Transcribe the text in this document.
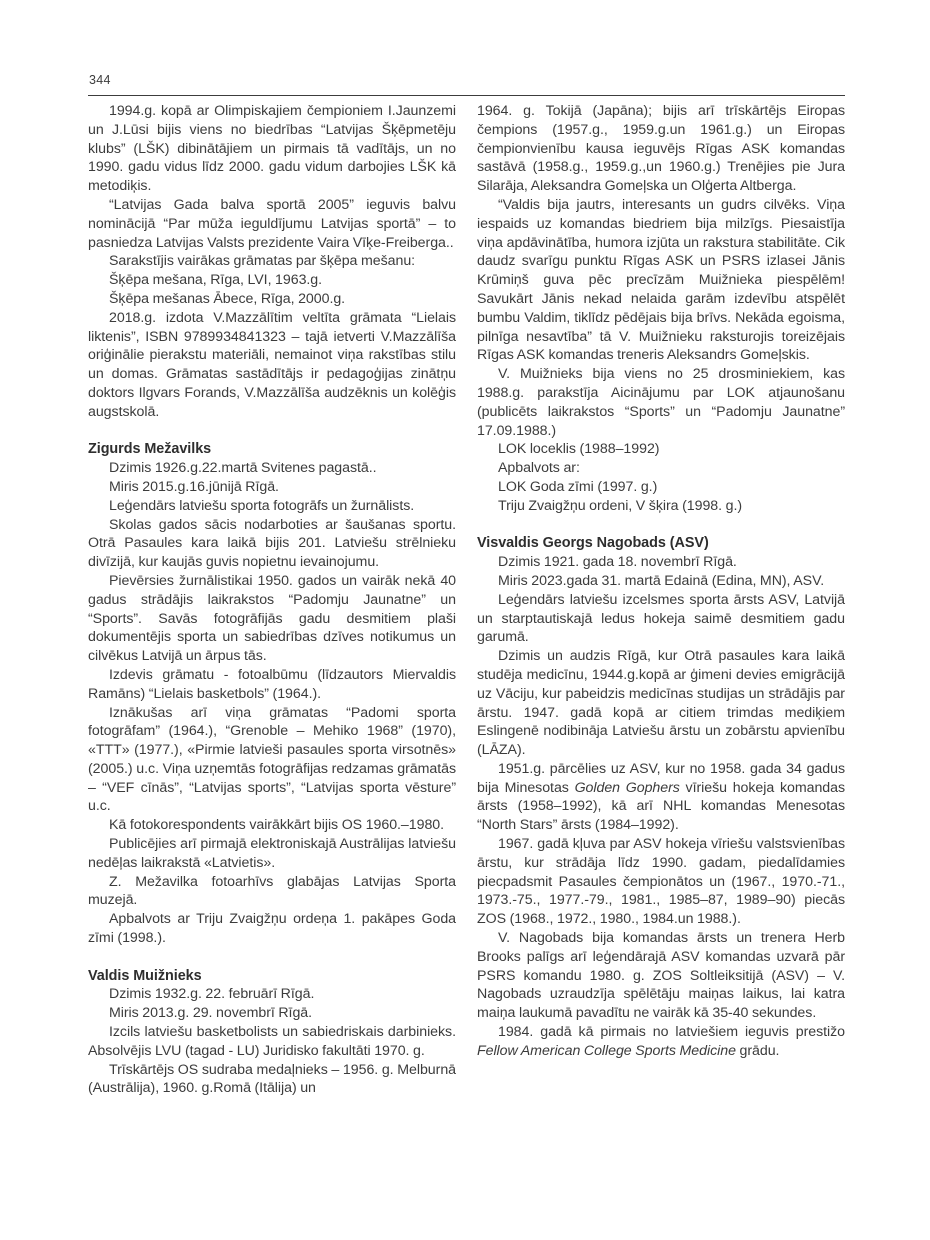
344

1994.g. kopā ar Olimpiskajiem čempioniem I.Jaunzemi un J.Lūsi bijis viens no biedrības “Latvijas Šķēpmetēju klubs” (LŠK) dibinātājiem un pirmais tā vadītājs, un no 1990. gadu vidus līdz 2000. gadu vidum darbojies LŠK kā metodiķis.

“Latvijas Gada balva sportā 2005” ieguvis balvu nominācijā “Par mūža ieguldījumu Latvijas sportā” – to pasniedza Latvijas Valsts prezidente Vaira Vīķe-Freiberga..

Sarakstījis vairākas grāmatas par šķēpa mešanu:

Šķēpa mešana, Rīga, LVI, 1963.g.

Šķēpa mešanas Ābece, Rīga, 2000.g.

2018.g. izdota V.Mazzālītim veltīta grāmata “Lielais liktenis”, ISBN 9789934841323 – tajā ietverti V.Mazzālīša oriģinālie pierakstu materiāli, nemainot viņa rakstības stilu un domas. Grāmatas sastādītājs ir pedagoģijas zinātņu doktors Ilgvars Forands, V.Mazzālīša audzēknis un kolēģis augstskolā.

Zigurds Mežavilks

Dzimis 1926.g.22.martā Svitenes pagastā..

Miris 2015.g.16.jūnijā Rīgā.

Leģendārs latviešu sporta fotogrāfs un žurnālists.

Skolas gados sācis nodarboties ar šaušanas sportu. Otrā Pasaules kara laikā bijis 201. Latviešu strēlnieku divīzijā, kur kaujās guvis nopietnu ievainojumu.

Pievērsies žurnālistikai 1950. gados un vairāk nekā 40 gadus strādājis laikrakstos “Padomju Jaunatne” un “Sports”. Savās fotogrāfijās gadu desmitiem plaši dokumentējis sporta un sabiedrības dzīves notikumus un cilvēkus Latvijā un ārpus tās.

Izdevis grāmatu - fotoalbūmu (līdzautors Miervaldis Ramāns) “Lielais basketbols” (1964.).

Iznākušas arī viņa grāmatas “Padomi sporta fotogrāfam” (1964.), “Grenoble – Mehiko 1968” (1970), «TTT» (1977.), «Pirmie latvieši pasaules sporta virsotnēs» (2005.) u.c. Viņa uzņemtās fotogrāfijas redzamas grāmatās – “VEF cīnās”, “Latvijas sports”, “Latvijas sporta vēsture” u.c.

Kā fotokorespondents vairākkārt bijis OS 1960.–1980.

Publicējies arī pirmajā elektroniskajā Austrālijas latviešu nedēļas laikrakstā «Latvietis».

Z. Mežavilka fotoarhīvs glabājas Latvijas Sporta muzejā.

Apbalvots ar Triju Zvaigžņu ordeņa 1. pakāpes Goda zīmi (1998.).

Valdis Muižnieks

Dzimis 1932.g. 22. februārī Rīgā.

Miris 2013.g. 29. novembrī Rīgā.

Izcils latviešu basketbolists un sabiedriskais darbinieks. Absolvējis LVU (tagad - LU) Juridisko fakultāti 1970. g.

Trīskārtējs OS sudraba medaļnieks – 1956. g. Melburnā (Austrālija), 1960. g.Romā (Itālija) un

1964. g. Tokijā (Japāna); bijis arī trīskārtējs Eiropas čempions (1957.g., 1959.g.un 1961.g.) un Eiropas čempionvienību kausa ieguvējs Rīgas ASK komandas sastāvā (1958.g., 1959.g.,un 1960.g.) Trenējies pie Jura Silarāja, Aleksandra Gomeļska un Olģerta Altberga.

“Valdis bija jautrs, interesants un gudrs cilvēks. Viņa iespaids uz komandas biedriem bija milzīgs. Piesaistīja viņa apdāvinātība, humora izjūta un rakstura stabilitāte. Cik daudz svarīgu punktu Rīgas ASK un PSRS izlasei Jānis Krūmiņš guva pēc precīzām Muižnieka piespēlēm! Savukārt Jānis nekad nelaida garām izdevību atspēlēt bumbu Valdim, tiklīdz pēdējais bija brīvs. Nekāda egoisma, pilnīga nesavtība” tā V. Muižnieku raksturojis toreizējais Rīgas ASK komandas treneris Aleksandrs Gomeļskis.

V. Muižnieks bija viens no 25 drosminiekiem, kas 1988.g. parakstīja Aicinājumu par LOK atjaunošanu (publicēts laikrakstos “Sports” un “Padomju Jaunatne” 17.09.1988.)

LOK loceklis (1988–1992)

Apbalvots ar:

LOK Goda zīmi (1997. g.)

Triju Zvaigžņu ordeni, V šķira (1998. g.)

Visvaldis Georgs Nagobads (ASV)

Dzimis 1921. gada 18. novembrī Rīgā.

Miris 2023.gada 31. martā Edainā (Edina, MN), ASV.

Leģendārs latviešu izcelsmes sporta ārsts ASV, Latvijā un starptautiskajā ledus hokeja saimē desmitiem gadu garumā.

Dzimis un audzis Rīgā, kur Otrā pasaules kara laikā studēja medicīnu, 1944.g.kopā ar ģimeni devies emigrācijā uz Vāciju, kur pabeidzis medicīnas studijas un strādājis par ārstu. 1947. gadā kopā ar citiem trimdas mediķiem Eslingenē nodibināja Latviešu ārstu un zobārstu apvienību (LĀZA).

1951.g. pārcēlies uz ASV, kur no 1958. gada 34 gadus bija Minesotas Golden Gophers vīriešu hokeja komandas ārsts (1958–1992), kā arī NHL komandas Menesotas “North Stars” ārsts (1984–1992).

1967. gadā kļuva par ASV hokeja vīriešu valstsvienības ārstu, kur strādāja līdz 1990. gadam, piedalīdamies piecpadsmit Pasaules čempionātos un (1967., 1970.-71., 1973.-75., 1977.-79., 1981., 1985–87, 1989–90) piecās ZOS (1968., 1972., 1980., 1984.un 1988.).

V. Nagobads bija komandas ārsts un trenera Herb Brooks palīgs arī leģendārajā ASV komandas uzvarā pār PSRS komandu 1980. g. ZOS Soltleiksitijā (ASV) – V. Nagobads uzraudzīja spēlētāju maiņas laikus, lai katra maiņa laukumā pavadītu ne vairāk kā 35-40 sekundes.

1984. gadā kā pirmais no latviešiem ieguvis prestižo Fellow American College Sports Medicine grādu.
